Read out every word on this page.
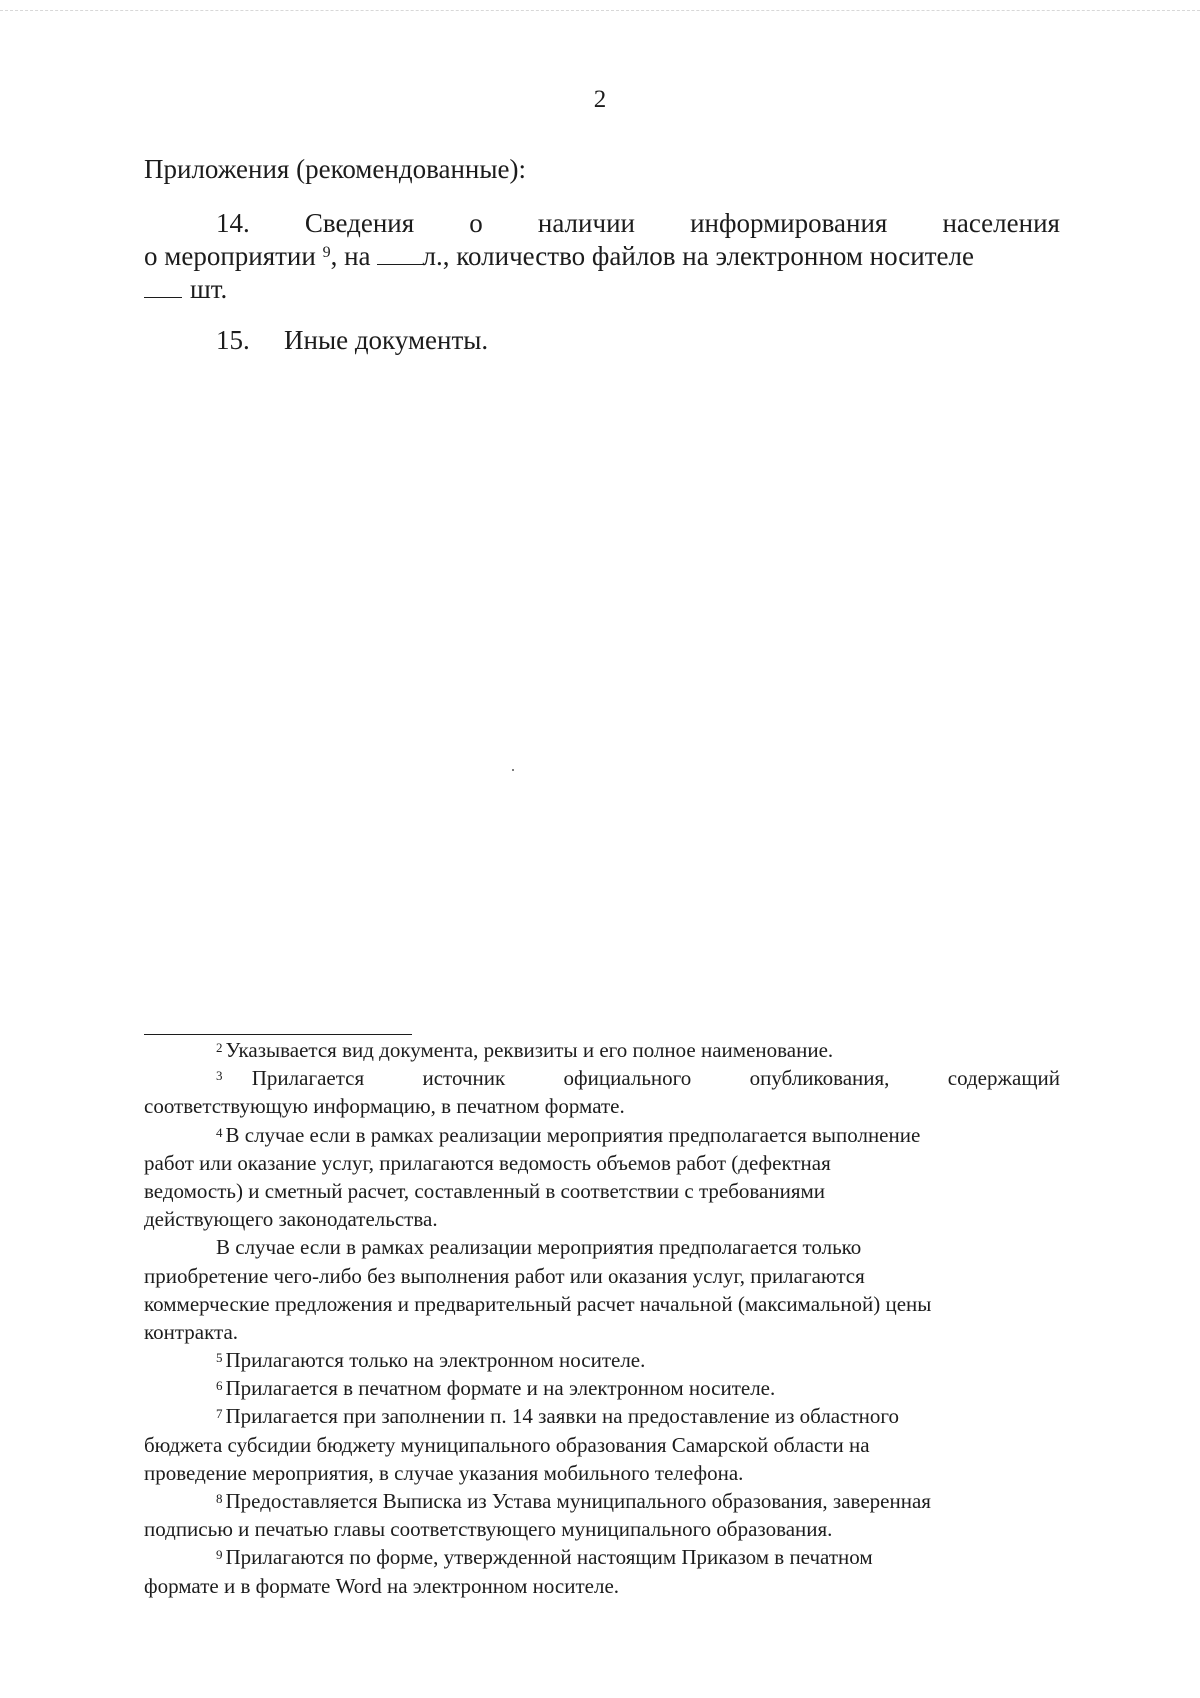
2
Приложения (рекомендованные):
14. Сведения о наличии информирования населения
о мероприятии $^9$, на л., количество файлов на электронном носителе
шт.
15. Иные документы.
$^2$ Указывается вид документа, реквизиты и его полное наименование.
$^3$ Прилагается	источник	официального	опубликования,	содержащий
соответствующую информацию, в печатном формате.
$^4$ В случае если в рамках реализации мероприятия предполагается выполнение
работ или оказание услуг, прилагаются ведомость объемов работ (дефектная
ведомость) и сметный расчет, составленный в соответствии с требованиями
действующего законодательства.
В случае если в рамках реализации мероприятия предполагается только
приобретение чего-либо без выполнения работ или оказания услуг, прилагаются
коммерческие предложения и предварительный расчет начальной (максимальной) цены
контракта.
$^5$ Прилагаются только на электронном носителе.
$^6$ Прилагается в печатном формате и на электронном носителе.
$^7$ Прилагается при заполнении п. 14 заявки на предоставление из областного
бюджета субсидии бюджету муниципального образования Самарской области на
проведение мероприятия, в случае указания мобильного телефона.
$^8$ Предоставляется Выписка из Устава муниципального образования, заверенная
подписью и печатью главы соответствующего муниципального образования.
$^9$ Прилагаются по форме, утвержденной настоящим Приказом в печатном
формате и в формате Word на электронном носителе.
